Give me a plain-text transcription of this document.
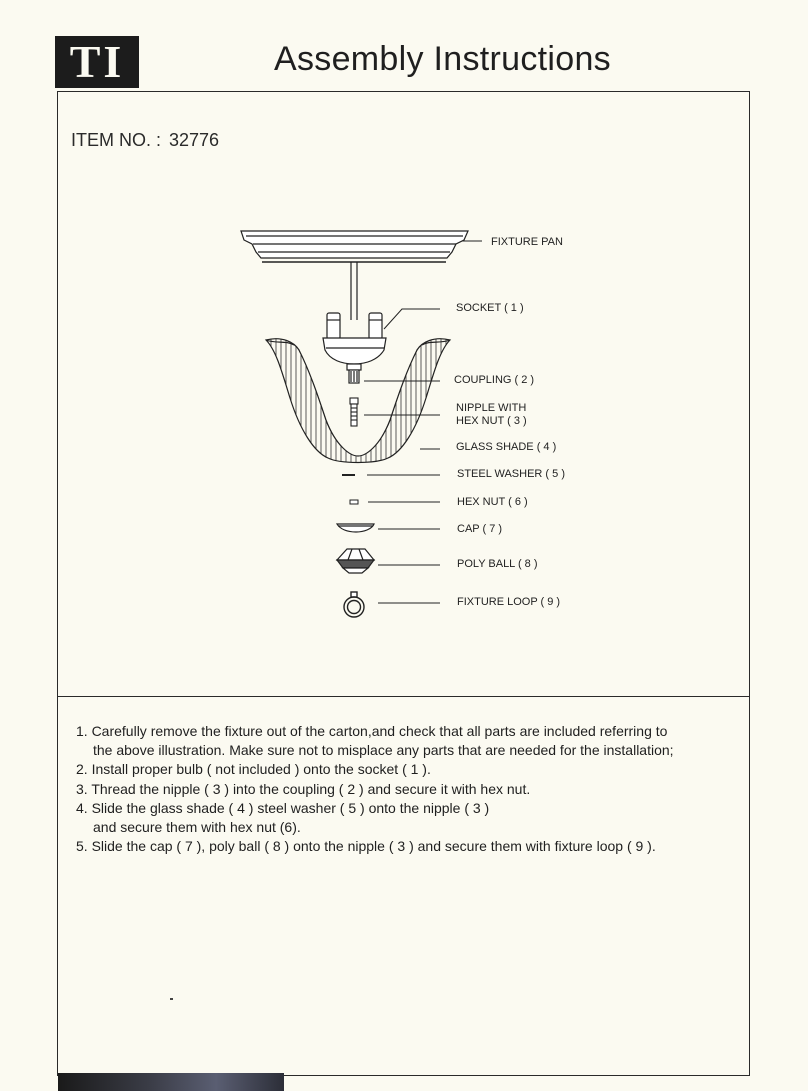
TI	Assembly Instructions
ITEM NO. : 32776
FIXTURE PAN
SOCKET ( 1 )
COUPLING ( 2 )
NIPPLE WITH
HEX NUT ( 3 )
GLASS SHADE ( 4 )
STEEL WASHER ( 5 )
HEX NUT ( 6 )
CAP ( 7 )
POLY BALL ( 8 )
FIXTURE LOOP ( 9 )
1. Carefully remove the fixture out of the carton,and check that all parts are included referring to
the above illustration. Make sure not to misplace any parts that are needed for the installation;
2. Install proper bulb ( not included ) onto the socket ( 1 ).
3. Thread the nipple ( 3 ) into the coupling ( 2 ) and secure it with hex nut.
4. Slide the glass shade ( 4 ) steel washer ( 5 ) onto the nipple ( 3 )
and secure them with hex nut (6).
5. Slide the cap ( 7 ), poly ball ( 8 ) onto the nipple ( 3 ) and secure them with fixture loop ( 9 ).
